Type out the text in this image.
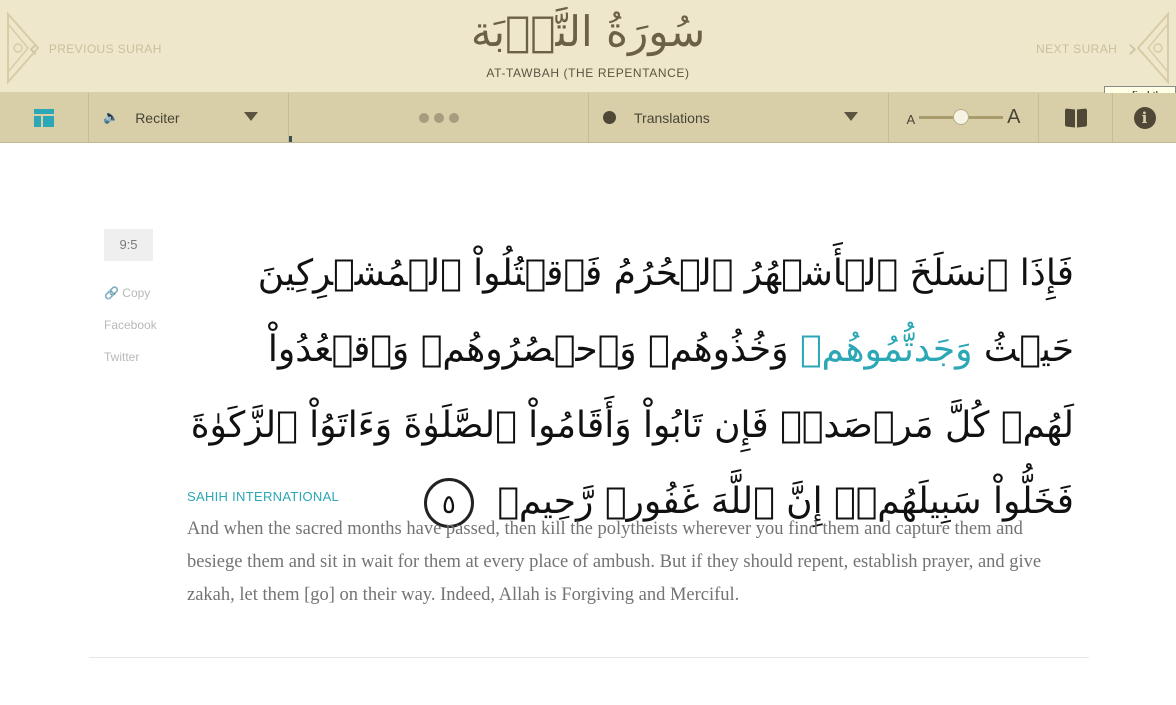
‹ PREVIOUS SURAH	سُورَةُ التَّوۡبَة
AT-TAWBAH (THE REPENTANCE)
NEXT SURAH ›
🔈 Reciter	Translations	A	A	i
9:5
🔗 Copy
Facebook
Twitter
فَإِذَا ٱنسَلَخَ ٱلۡأَشۡهُرُ ٱلۡحُرُمُ فَٱقۡتُلُواْ ٱلۡمُشۡرِكِينَ حَيۡثُ وَجَدتُّمُوهُمۡ وَخُذُوهُمۡ وَٱحۡصُرُوهُمۡ وَٱقۡعُدُواْ لَهُمۡ كُلَّ مَرۡصَدٖۚ فَإِن تَابُواْ وَأَقَامُواْ ٱلصَّلَوٰةَ وَءَاتَوُاْ ٱلزَّكَوٰةَ فَخَلُّواْ سَبِيلَهُمۡۚ إِنَّ ٱللَّهَ غَفُورٞ رَّحِيمٞ ٥
SAHIH INTERNATIONAL
And when the sacred months have passed, then kill the polytheists wherever you find them and capture them and besiege them and sit in wait for them at every place of ambush. But if they should repent, establish prayer, and give zakah, let them [go] on their way. Indeed, Allah is Forgiving and Merciful.
